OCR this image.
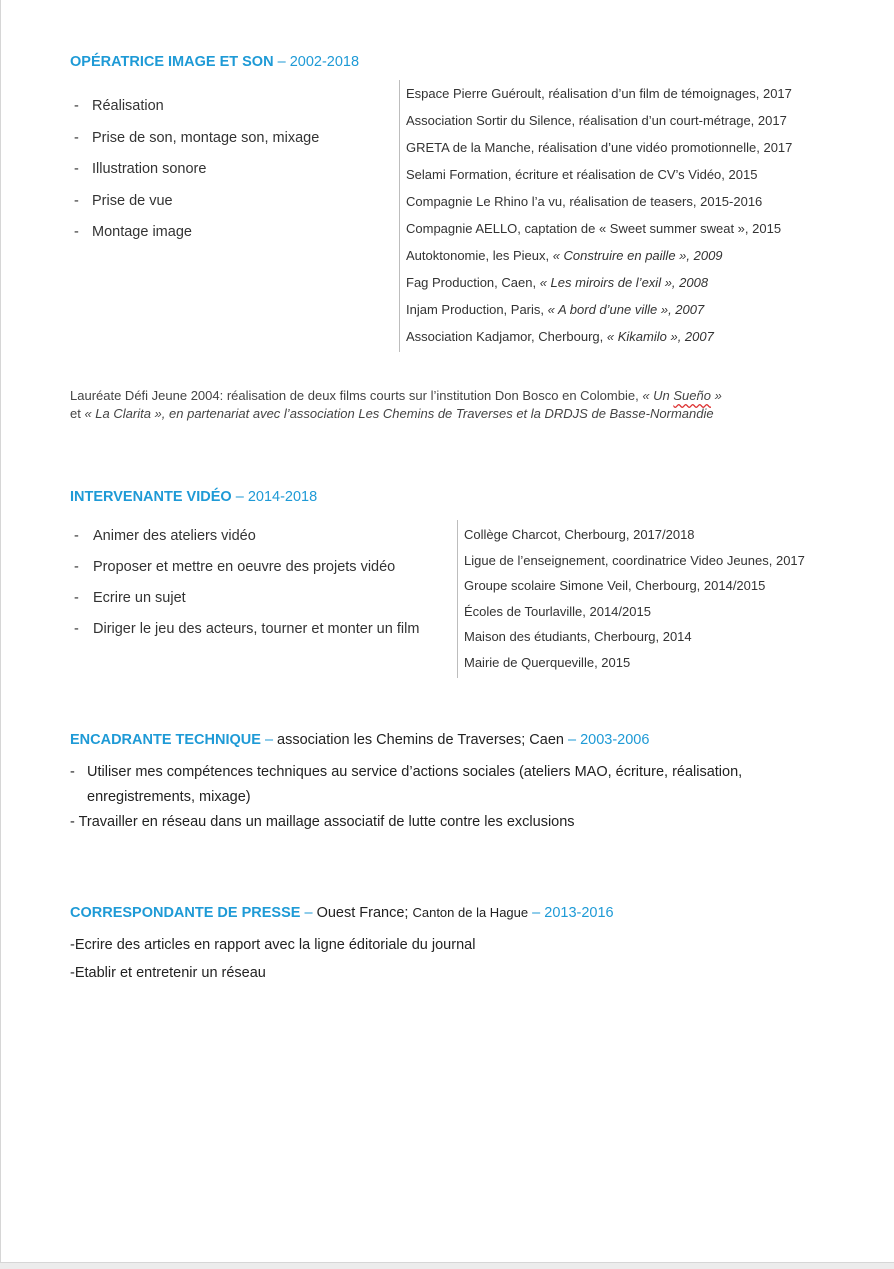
OPÉRATRICE IMAGE ET SON – 2002-2018
- Réalisation
- Prise de son, montage son, mixage
- Illustration sonore
- Prise de vue
- Montage image
Espace Pierre Guéroult, réalisation d’un film de témoignages, 2017
Association Sortir du Silence, réalisation d’un court-métrage, 2017
GRETA de la Manche, réalisation d’une vidéo promotionnelle, 2017
Selami Formation, écriture et réalisation de CV’s Vidéo, 2015
Compagnie Le Rhino l’a vu, réalisation de teasers, 2015-2016
Compagnie AELLO, captation de « Sweet summer sweat », 2015
Autoktonomie, les Pieux, « Construire en paille », 2009
Fag Production, Caen, « Les miroirs de l’exil », 2008
Injam Production, Paris, « A bord d’une ville », 2007
Association Kadjamor, Cherbourg, « Kikamilo », 2007
Lauréate Défi Jeune 2004: réalisation de deux films courts sur l’institution Don Bosco en Colombie, « Un Sueño »
et « La Clarita », en partenariat avec l’association Les Chemins de Traverses et la DRDJS de Basse-Normandie
INTERVENANTE VIDÉO – 2014-2018
- Animer des ateliers vidéo
- Proposer et mettre en oeuvre des projets vidéo
- Ecrire un sujet
- Diriger le jeu des acteurs, tourner et monter un film
Collège Charcot, Cherbourg, 2017/2018
Ligue de l’enseignement, coordinatrice Video Jeunes, 2017
Groupe scolaire Simone Veil, Cherbourg, 2014/2015
Écoles de Tourlaville, 2014/2015
Maison des étudiants, Cherbourg, 2014
Mairie de Querqueville, 2015
ENCADRANTE TECHNIQUE – association les Chemins de Traverses; Caen – 2003-2006
- Utiliser mes compétences techniques au service d’actions sociales (ateliers MAO, écriture, réalisation,
enregistrements, mixage)
- Travailler en réseau dans un maillage associatif de lutte contre les exclusions
CORRESPONDANTE DE PRESSE – Ouest France; Canton de la Hague – 2013-2016
-Ecrire des articles en rapport avec la ligne éditoriale du journal
-Etablir et entretenir un réseau
